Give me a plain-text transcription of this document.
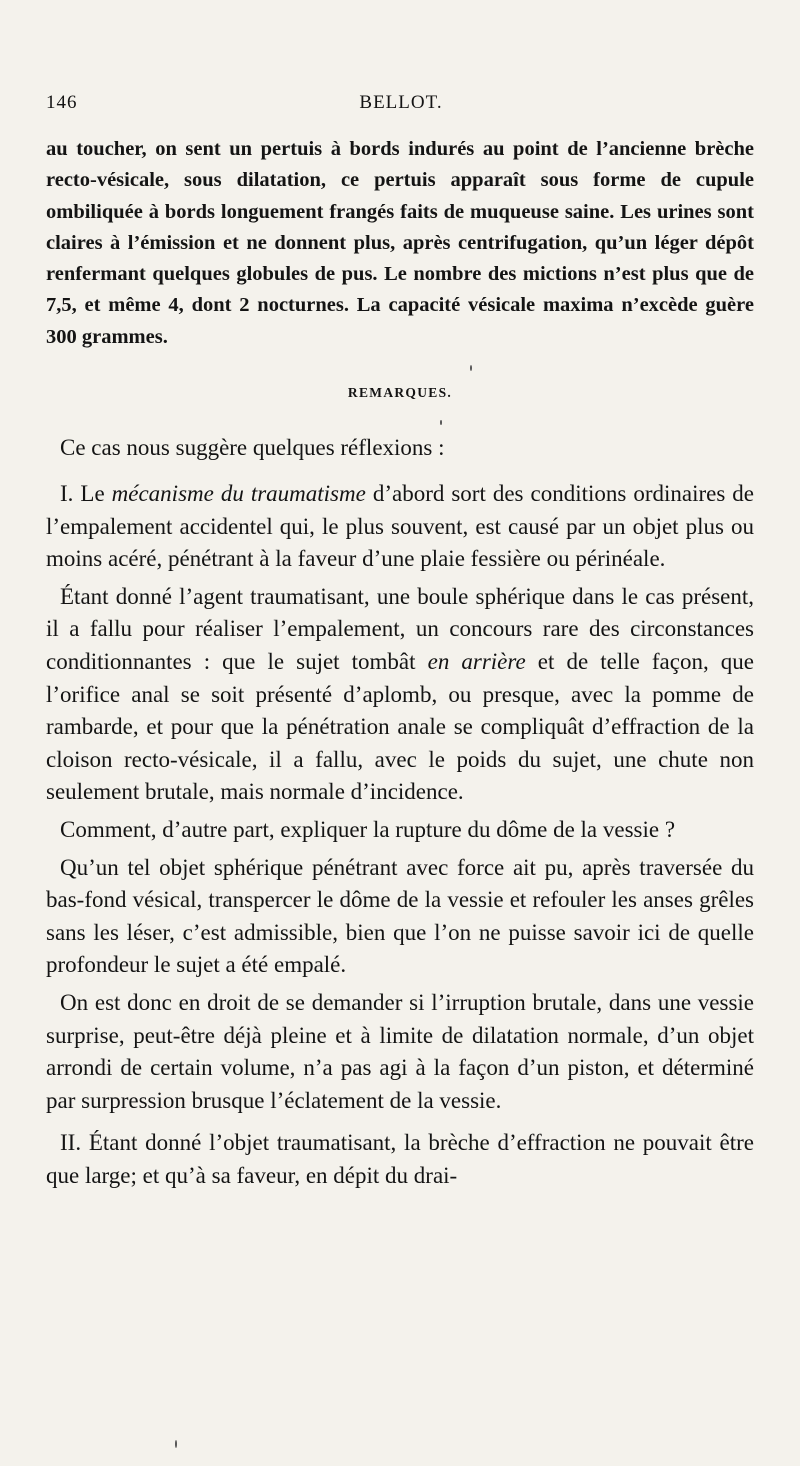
146	BELLOT.

au toucher, on sent un pertuis à bords indurés au point de l’ancienne brèche recto-vésicale, sous dilatation, ce pertuis apparaît sous forme de cupule ombiliquée à bords longuement frangés faits de muqueuse saine. Les urines sont claires à l’émission et ne donnent plus, après centrifugation, qu’un léger dépôt renfermant quelques globules de pus. Le nombre des mictions n’est plus que de 7,5, et même 4, dont 2 nocturnes. La capacité vésicale maxima n’excède guère 300 grammes.

REMARQUES.

Ce cas nous suggère quelques réflexions :

I. Le mécanisme du traumatisme d’abord sort des conditions ordinaires de l’empalement accidentel qui, le plus souvent, est causé par un objet plus ou moins acéré, pénétrant à la faveur d’une plaie fessière ou périnéale.

Étant donné l’agent traumatisant, une boule sphérique dans le cas présent, il a fallu pour réaliser l’empalement, un concours rare des circonstances conditionnantes : que le sujet tombât en arrière et de telle façon, que l’orifice anal se soit présenté d’aplomb, ou presque, avec la pomme de rambarde, et pour que la pénétration anale se compliquât d’effraction de la cloison recto-vésicale, il a fallu, avec le poids du sujet, une chute non seulement brutale, mais normale d’incidence.

Comment, d’autre part, expliquer la rupture du dôme de la vessie ?

Qu’un tel objet sphérique pénétrant avec force ait pu, après traversée du bas-fond vésical, transpercer le dôme de la vessie et refouler les anses grêles sans les léser, c’est admissible, bien que l’on ne puisse savoir ici de quelle profondeur le sujet a été empalé.

On est donc en droit de se demander si l’irruption brutale, dans une vessie surprise, peut-être déjà pleine et à limite de dilatation normale, d’un objet arrondi de certain volume, n’a pas agi à la façon d’un piston, et déterminé par surpression brusque l’éclatement de la vessie.

II. Étant donné l’objet traumatisant, la brèche d’effraction ne pouvait être que large; et qu’à sa faveur, en dépit du drai-
